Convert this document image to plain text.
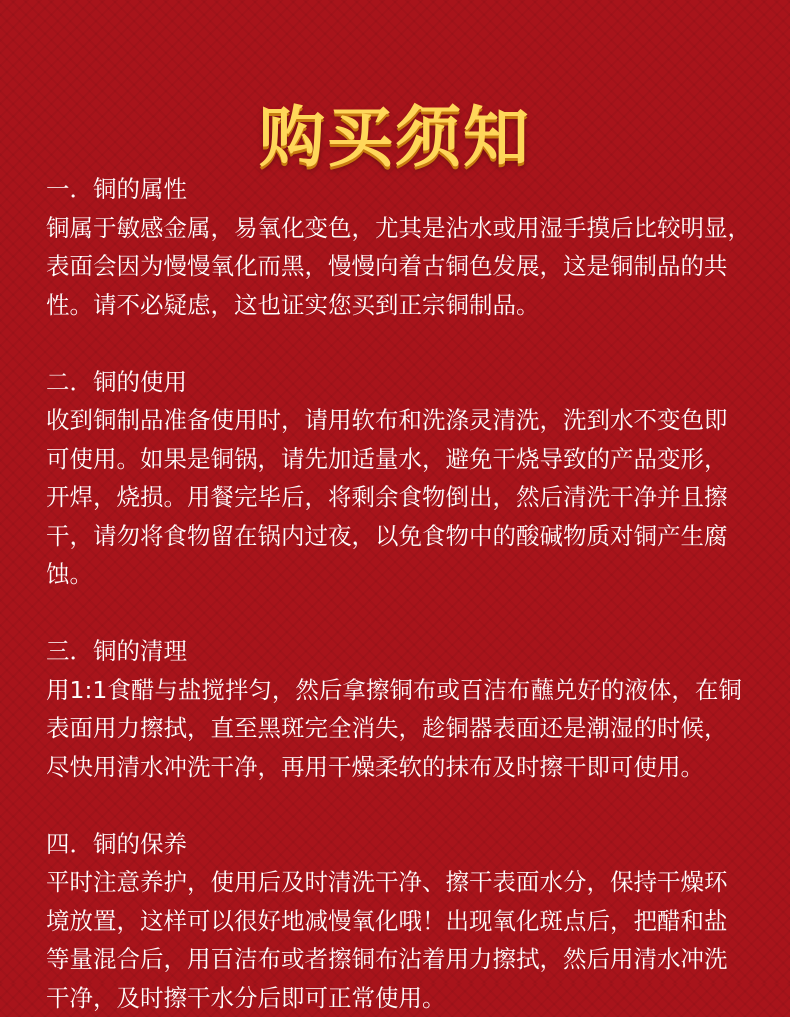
购买须知

一．铜的属性

铜属于敏感金属，易氧化变色，尤其是沾水或用湿手摸后比较明显，
表面会因为慢慢氧化而黑，慢慢向着古铜色发展，这是铜制品的共
性。请不必疑虑，这也证实您买到正宗铜制品。

二．铜的使用

收到铜制品准备使用时，请用软布和洗涤灵清洗，洗到水不变色即
可使用。如果是铜锅，请先加适量水，避免干烧导致的产品变形，
开焊，烧损。用餐完毕后，将剩余食物倒出，然后清洗干净并且擦
干，请勿将食物留在锅内过夜，以免食物中的酸碱物质对铜产生腐
蚀。

三．铜的清理

用1:1食醋与盐搅拌匀，然后拿擦铜布或百洁布蘸兑好的液体，在铜
表面用力擦拭，直至黑斑完全消失，趁铜器表面还是潮湿的时候，
尽快用清水冲洗干净，再用干燥柔软的抹布及时擦干即可使用。

四．铜的保养

平时注意养护，使用后及时清洗干净、擦干表面水分，保持干燥环
境放置，这样可以很好地减慢氧化哦！出现氧化斑点后，把醋和盐
等量混合后，用百洁布或者擦铜布沾着用力擦拭，然后用清水冲洗
干净，及时擦干水分后即可正常使用。
